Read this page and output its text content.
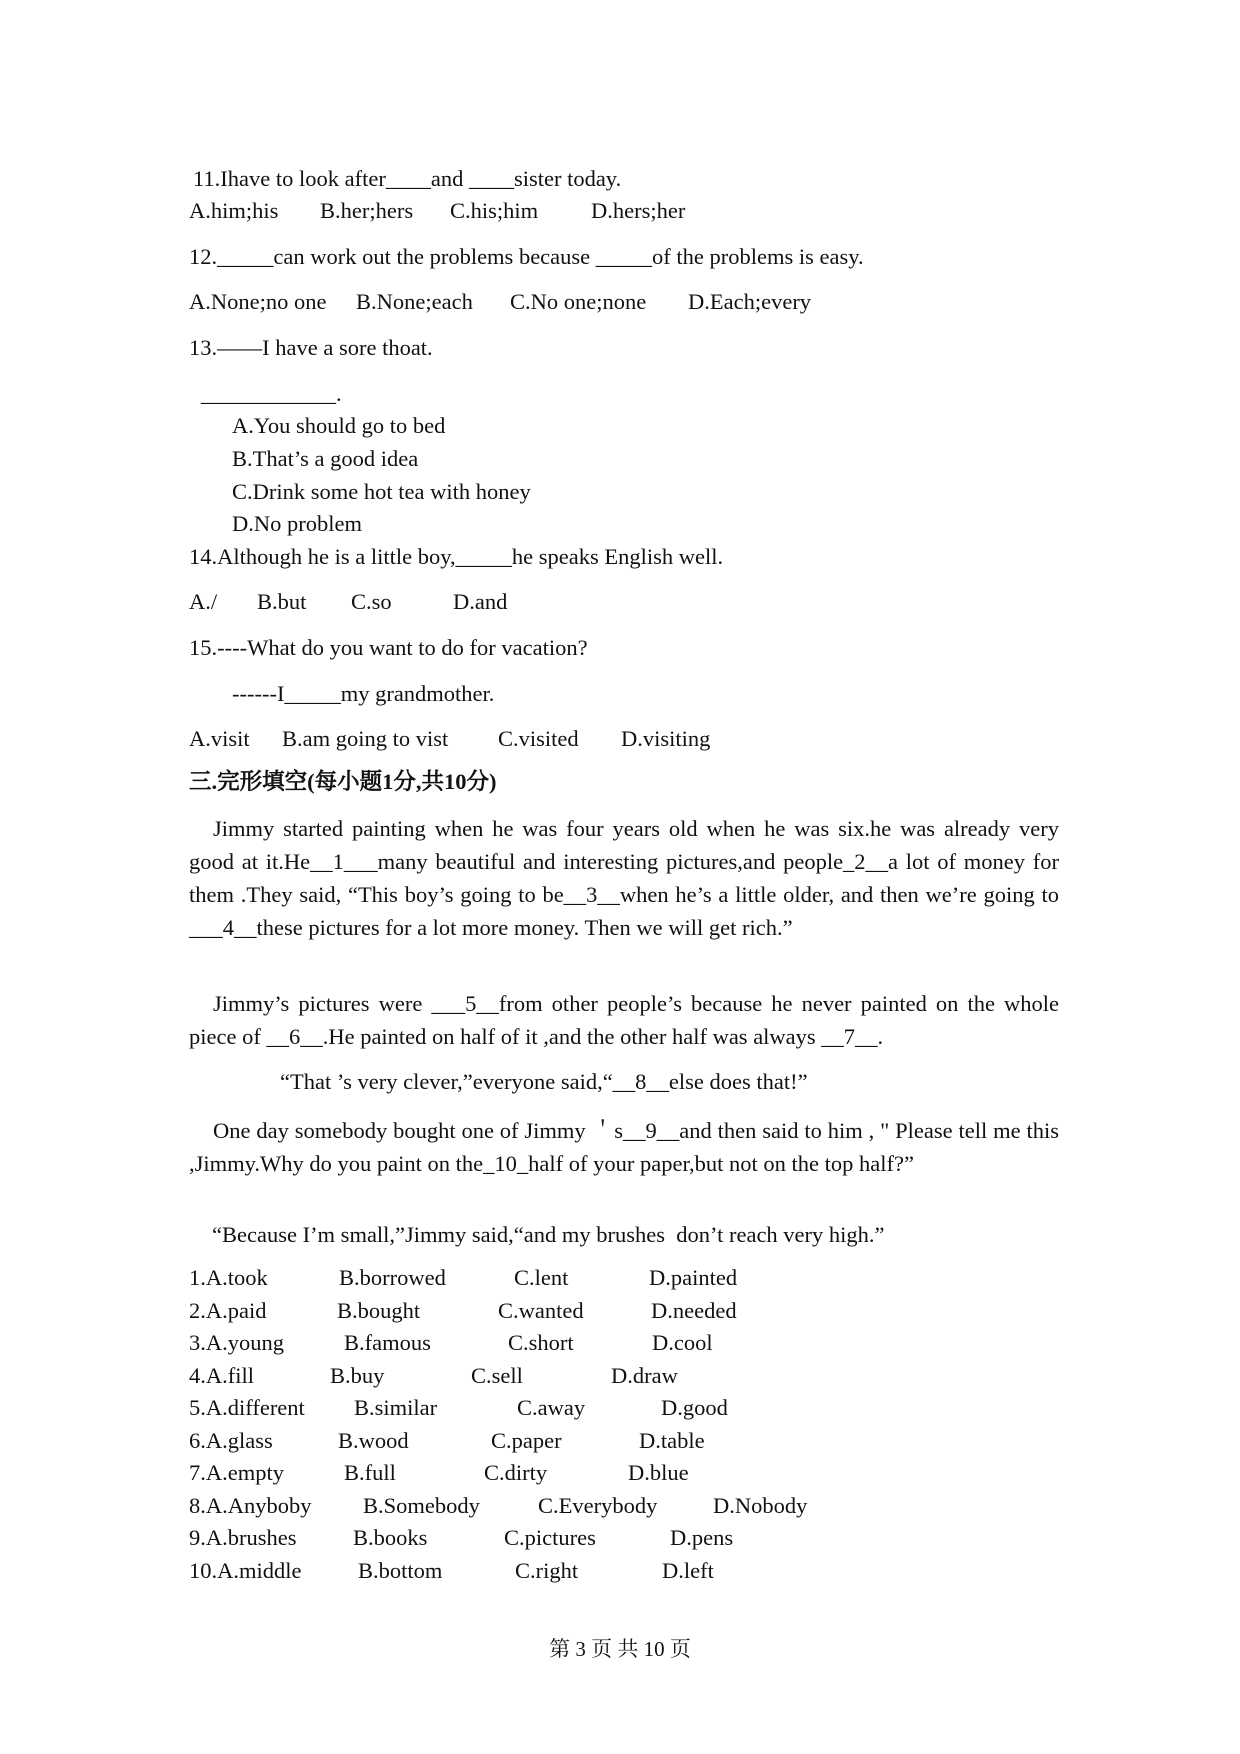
11.Ihave to look after____and ____sister today.
A.him;his B.her;hers C.his;him D.hers;her
12._____can work out the problems because _____of the problems is easy.
A.None;no one B.None;each C.No one;none D.Each;every
13.——I have a sore thoat.
____________.
A.You should go to bed
B.That’s a good idea
C.Drink some hot tea with honey
D.No problem
14.Although he is a little boy,_____he speaks English well.
A./ B.but C.so	D.and
15.----What do you want to do for vacation?
------I_____my grandmother.
A.visit B.am going to vist C.visited D.visiting
三.完形填空(每小题1分,共10分)
Jimmy started painting when he was four years old when he was six.he was already very good at it.He__1___many beautiful and interesting pictures,and people_2__a lot of money for them .They said, “This boy’s going to be__3__when he’s a little older, and then we’re going to ___4__these pictures for a lot more money. Then we will get rich.”
Jimmy’s pictures were ___5__from other people’s because he never painted on the whole piece of __6__.He painted on half of it ,and the other half was always __7__.
“That ’s very clever,”everyone said,“__8__else does that!”
One day somebody bought one of Jimmy ＇s__9__and then said to him , " Please tell me this ,Jimmy.Why do you paint on the_10_half of your paper,but not on the top half?”
“Because I’m small,”Jimmy said,“and my brushes  don’t reach very high.”
1.A.took	B.borrowed	C.lent	D.painted
2.A.paid	B.bought	C.wanted	D.needed
3.A.young	B.famous	C.short	D.cool
4.A.fill	B.buy	C.sell	D.draw
5.A.different B.similar	C.away	D.good
6.A.glass	B.wood	C.paper	D.table
7.A.empty	B.full	C.dirty	D.blue
8.A.Anyboby B.Somebody	C.Everybody D.Nobody
9.A.brushes	B.books	C.pictures	D.pens
10.A.middle	B.bottom	C.right	D.left
第 3 页 共 10 页
